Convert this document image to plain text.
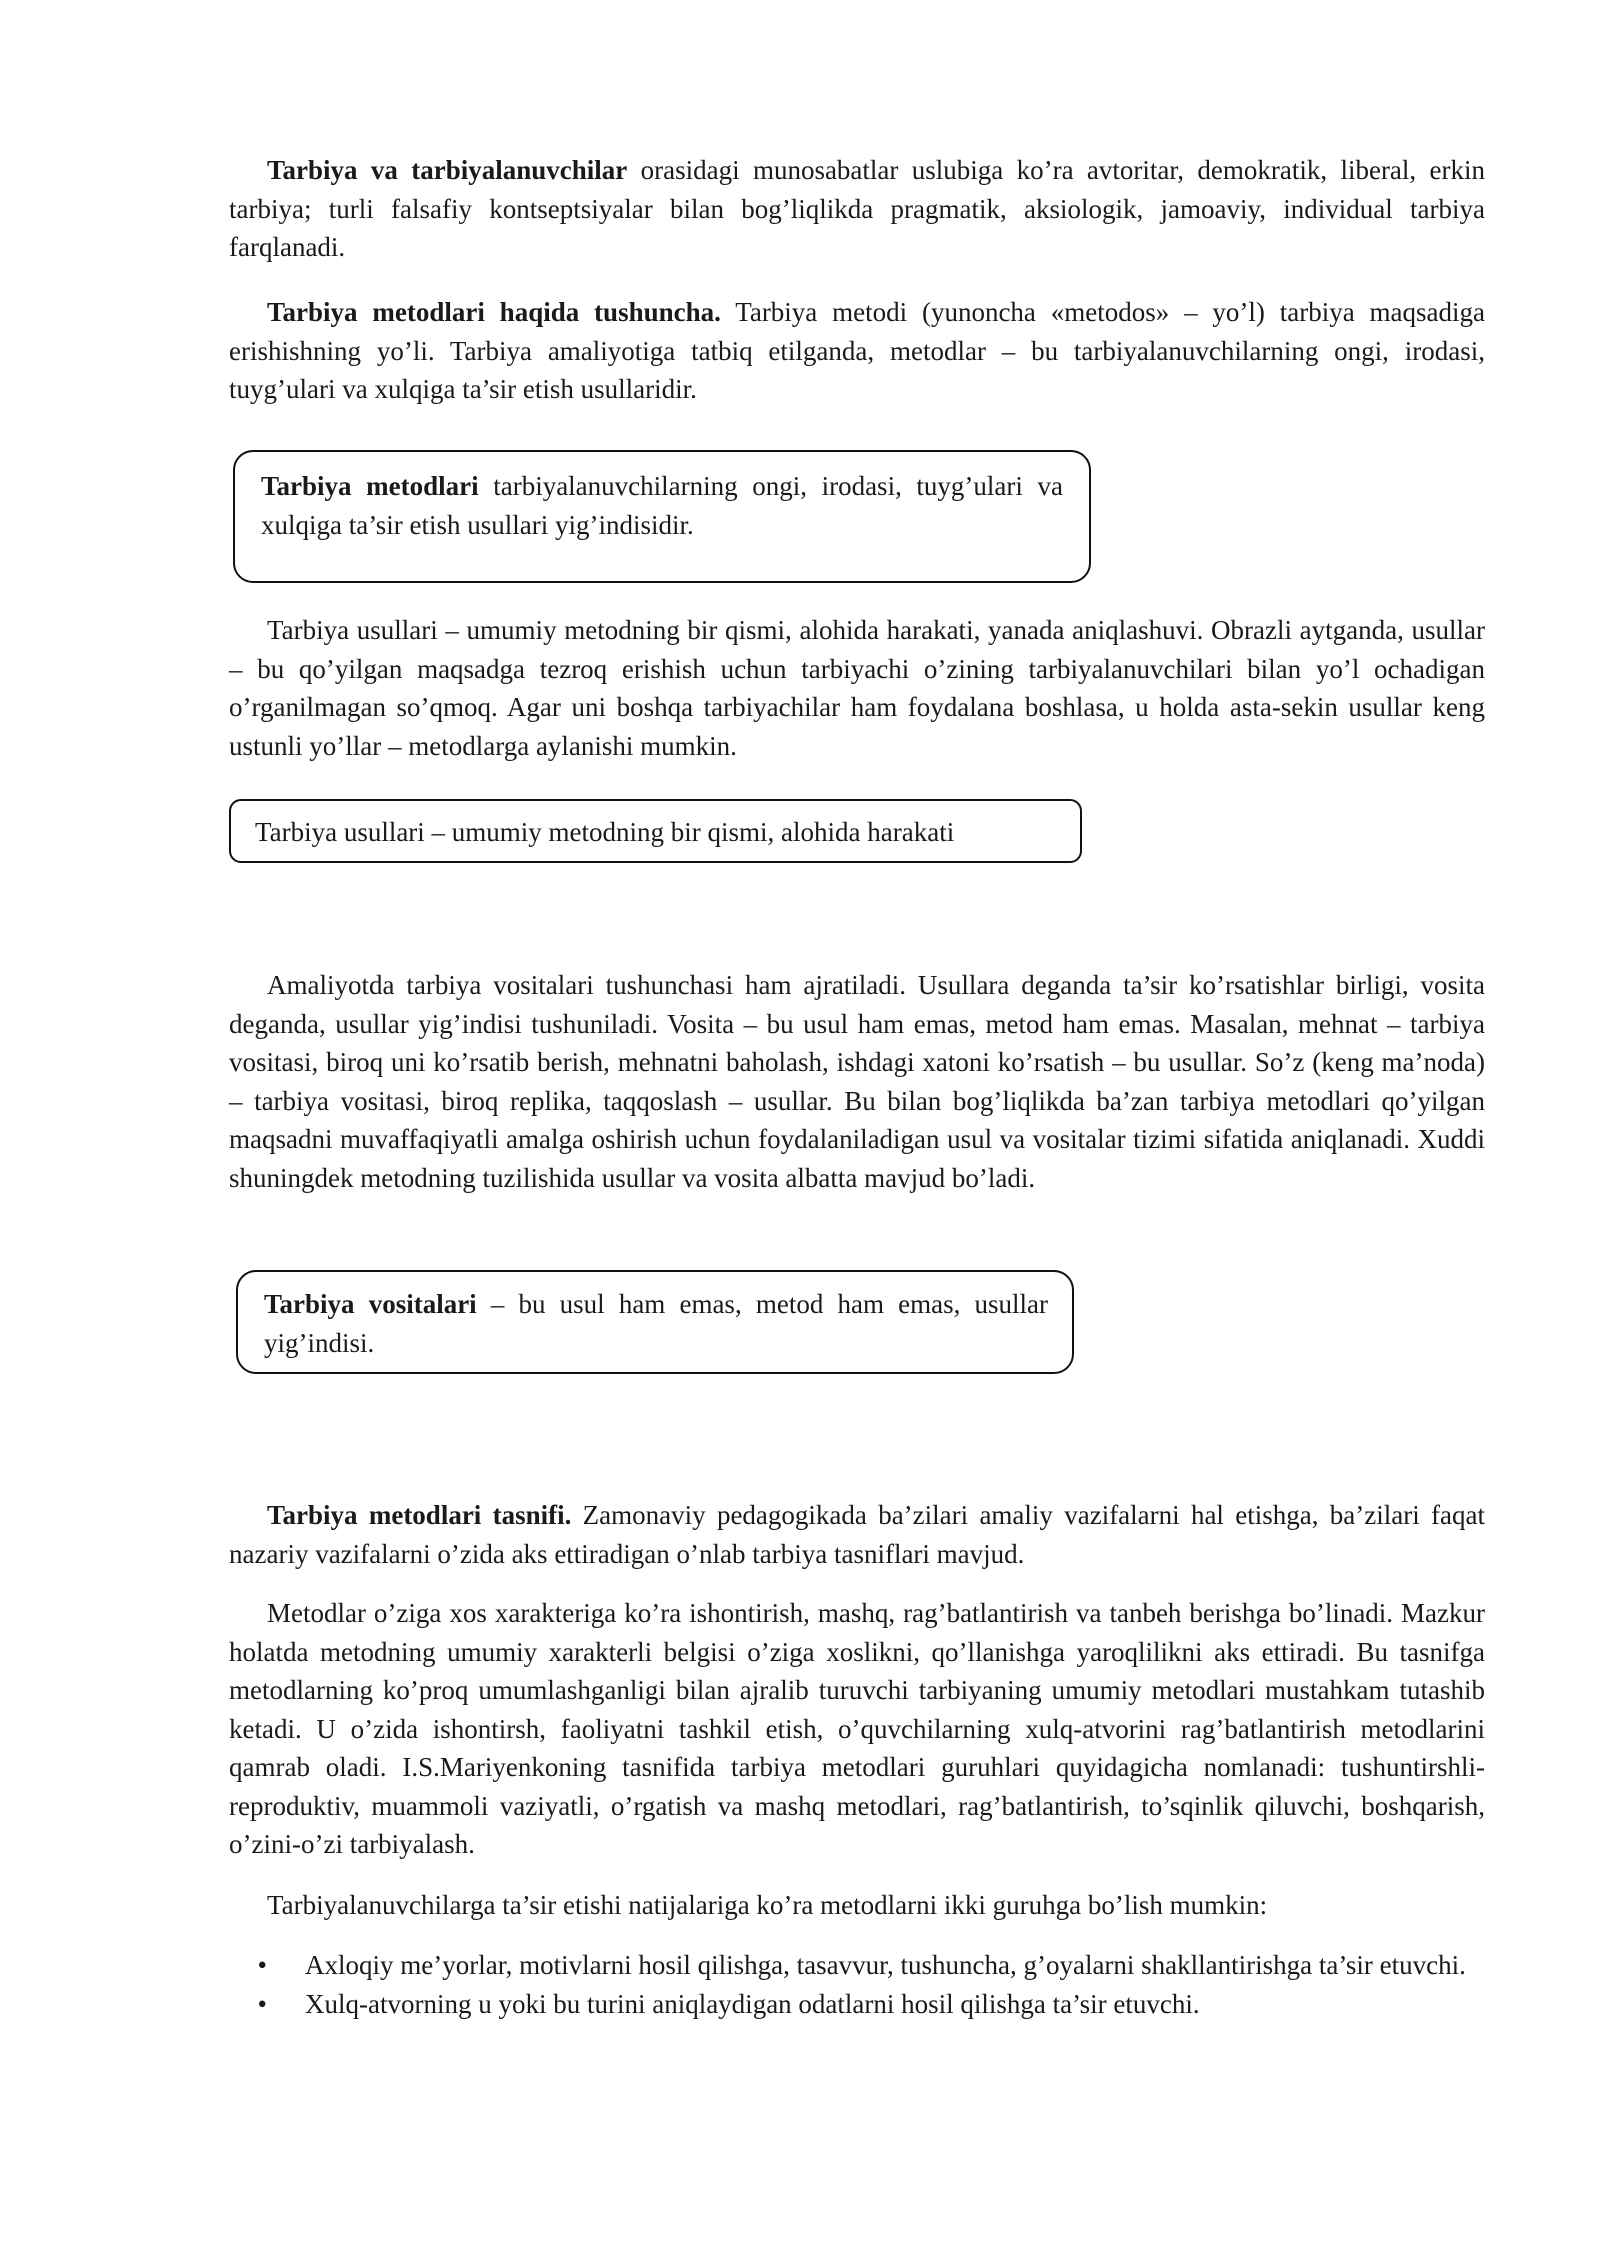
Tarbiya va tarbiyalanuvchilar orasidagi munosabatlar uslubiga ko’ra avtoritar, demokratik, liberal, erkin tarbiya; turli falsafiy kontseptsiyalar bilan bog’liqlikda pragmatik, aksiologik, jamoaviy, individual tarbiya farqlanadi.

Tarbiya metodlari haqida tushuncha. Tarbiya metodi (yunoncha «metodos» – yo’l) tarbiya maqsadiga erishishning yo’li. Tarbiya amaliyotiga tatbiq etilganda, metodlar – bu tarbiyalanuvchilarning ongi, irodasi, tuyg’ulari va xulqiga ta’sir etish usullaridir.

Tarbiya metodlari tarbiyalanuvchilarning ongi, irodasi, tuyg’ulari va xulqiga ta’sir etish usullari yig’indisidir.

Tarbiya usullari – umumiy metodning bir qismi, alohida harakati, yanada aniqlashuvi. Obrazli aytganda, usullar – bu qo’yilgan maqsadga tezroq erishish uchun tarbiyachi o’zining tarbiyalanuvchilari bilan yo’l ochadigan o’rganilmagan so’qmoq. Agar uni boshqa tarbiyachilar ham foydalana boshlasa, u holda asta-sekin usullar keng ustunli yo’llar – metodlarga aylanishi mumkin.

Tarbiya usullari – umumiy metodning bir qismi, alohida harakati

Amaliyotda tarbiya vositalari tushunchasi ham ajratiladi. Usullara deganda ta’sir ko’rsatishlar birligi, vosita deganda, usullar yig’indisi tushuniladi. Vosita – bu usul ham emas, metod ham emas. Masalan, mehnat – tarbiya vositasi, biroq uni ko’rsatib berish, mehnatni baholash, ishdagi xatoni ko’rsatish – bu usullar. So’z (keng ma’noda) – tarbiya vositasi, biroq replika, taqqoslash – usullar. Bu bilan bog’liqlikda ba’zan tarbiya metodlari qo’yilgan maqsadni muvaffaqiyatli amalga oshirish uchun foydalaniladigan usul va vositalar tizimi sifatida aniqlanadi. Xuddi shuningdek metodning tuzilishida usullar va vosita albatta mavjud bo’ladi.

Tarbiya vositalari – bu usul ham emas, metod ham emas, usullar yig’indisi.

Tarbiya metodlari tasnifi. Zamonaviy pedagogikada ba’zilari amaliy vazifalarni hal etishga, ba’zilari faqat nazariy vazifalarni o’zida aks ettiradigan o’nlab tarbiya tasniflari mavjud.

Metodlar o’ziga xos xarakteriga ko’ra ishontirish, mashq, rag’batlantirish va tanbeh berishga bo’linadi. Mazkur holatda metodning umumiy xarakterli belgisi o’ziga xoslikni, qo’llanishga yaroqlilikni aks ettiradi. Bu tasnifga metodlarning ko’proq umumlashganligi bilan ajralib turuvchi tarbiyaning umumiy metodlari mustahkam tutashib ketadi. U o’zida ishontirsh, faoliyatni tashkil etish, o’quvchilarning xulq-atvorini rag’batlantirish metodlarini qamrab oladi. I.S.Mariyenkoning tasnifida tarbiya metodlari guruhlari quyidagicha nomlanadi: tushuntirshli-reproduktiv, muammoli vaziyatli, o’rgatish va mashq metodlari, rag’batlantirish, to’sqinlik qiluvchi, boshqarish, o’zini-o’zi tarbiyalash.

Tarbiyalanuvchilarga ta’sir etishi natijalariga ko’ra metodlarni ikki guruhga bo’lish mumkin:

•Axloqiy me’yorlar, motivlarni hosil qilishga, tasavvur, tushuncha, g’oyalarni shakllantirishga ta’sir etuvchi.
•Xulq-atvorning u yoki bu turini aniqlaydigan odatlarni hosil qilishga ta’sir etuvchi.
